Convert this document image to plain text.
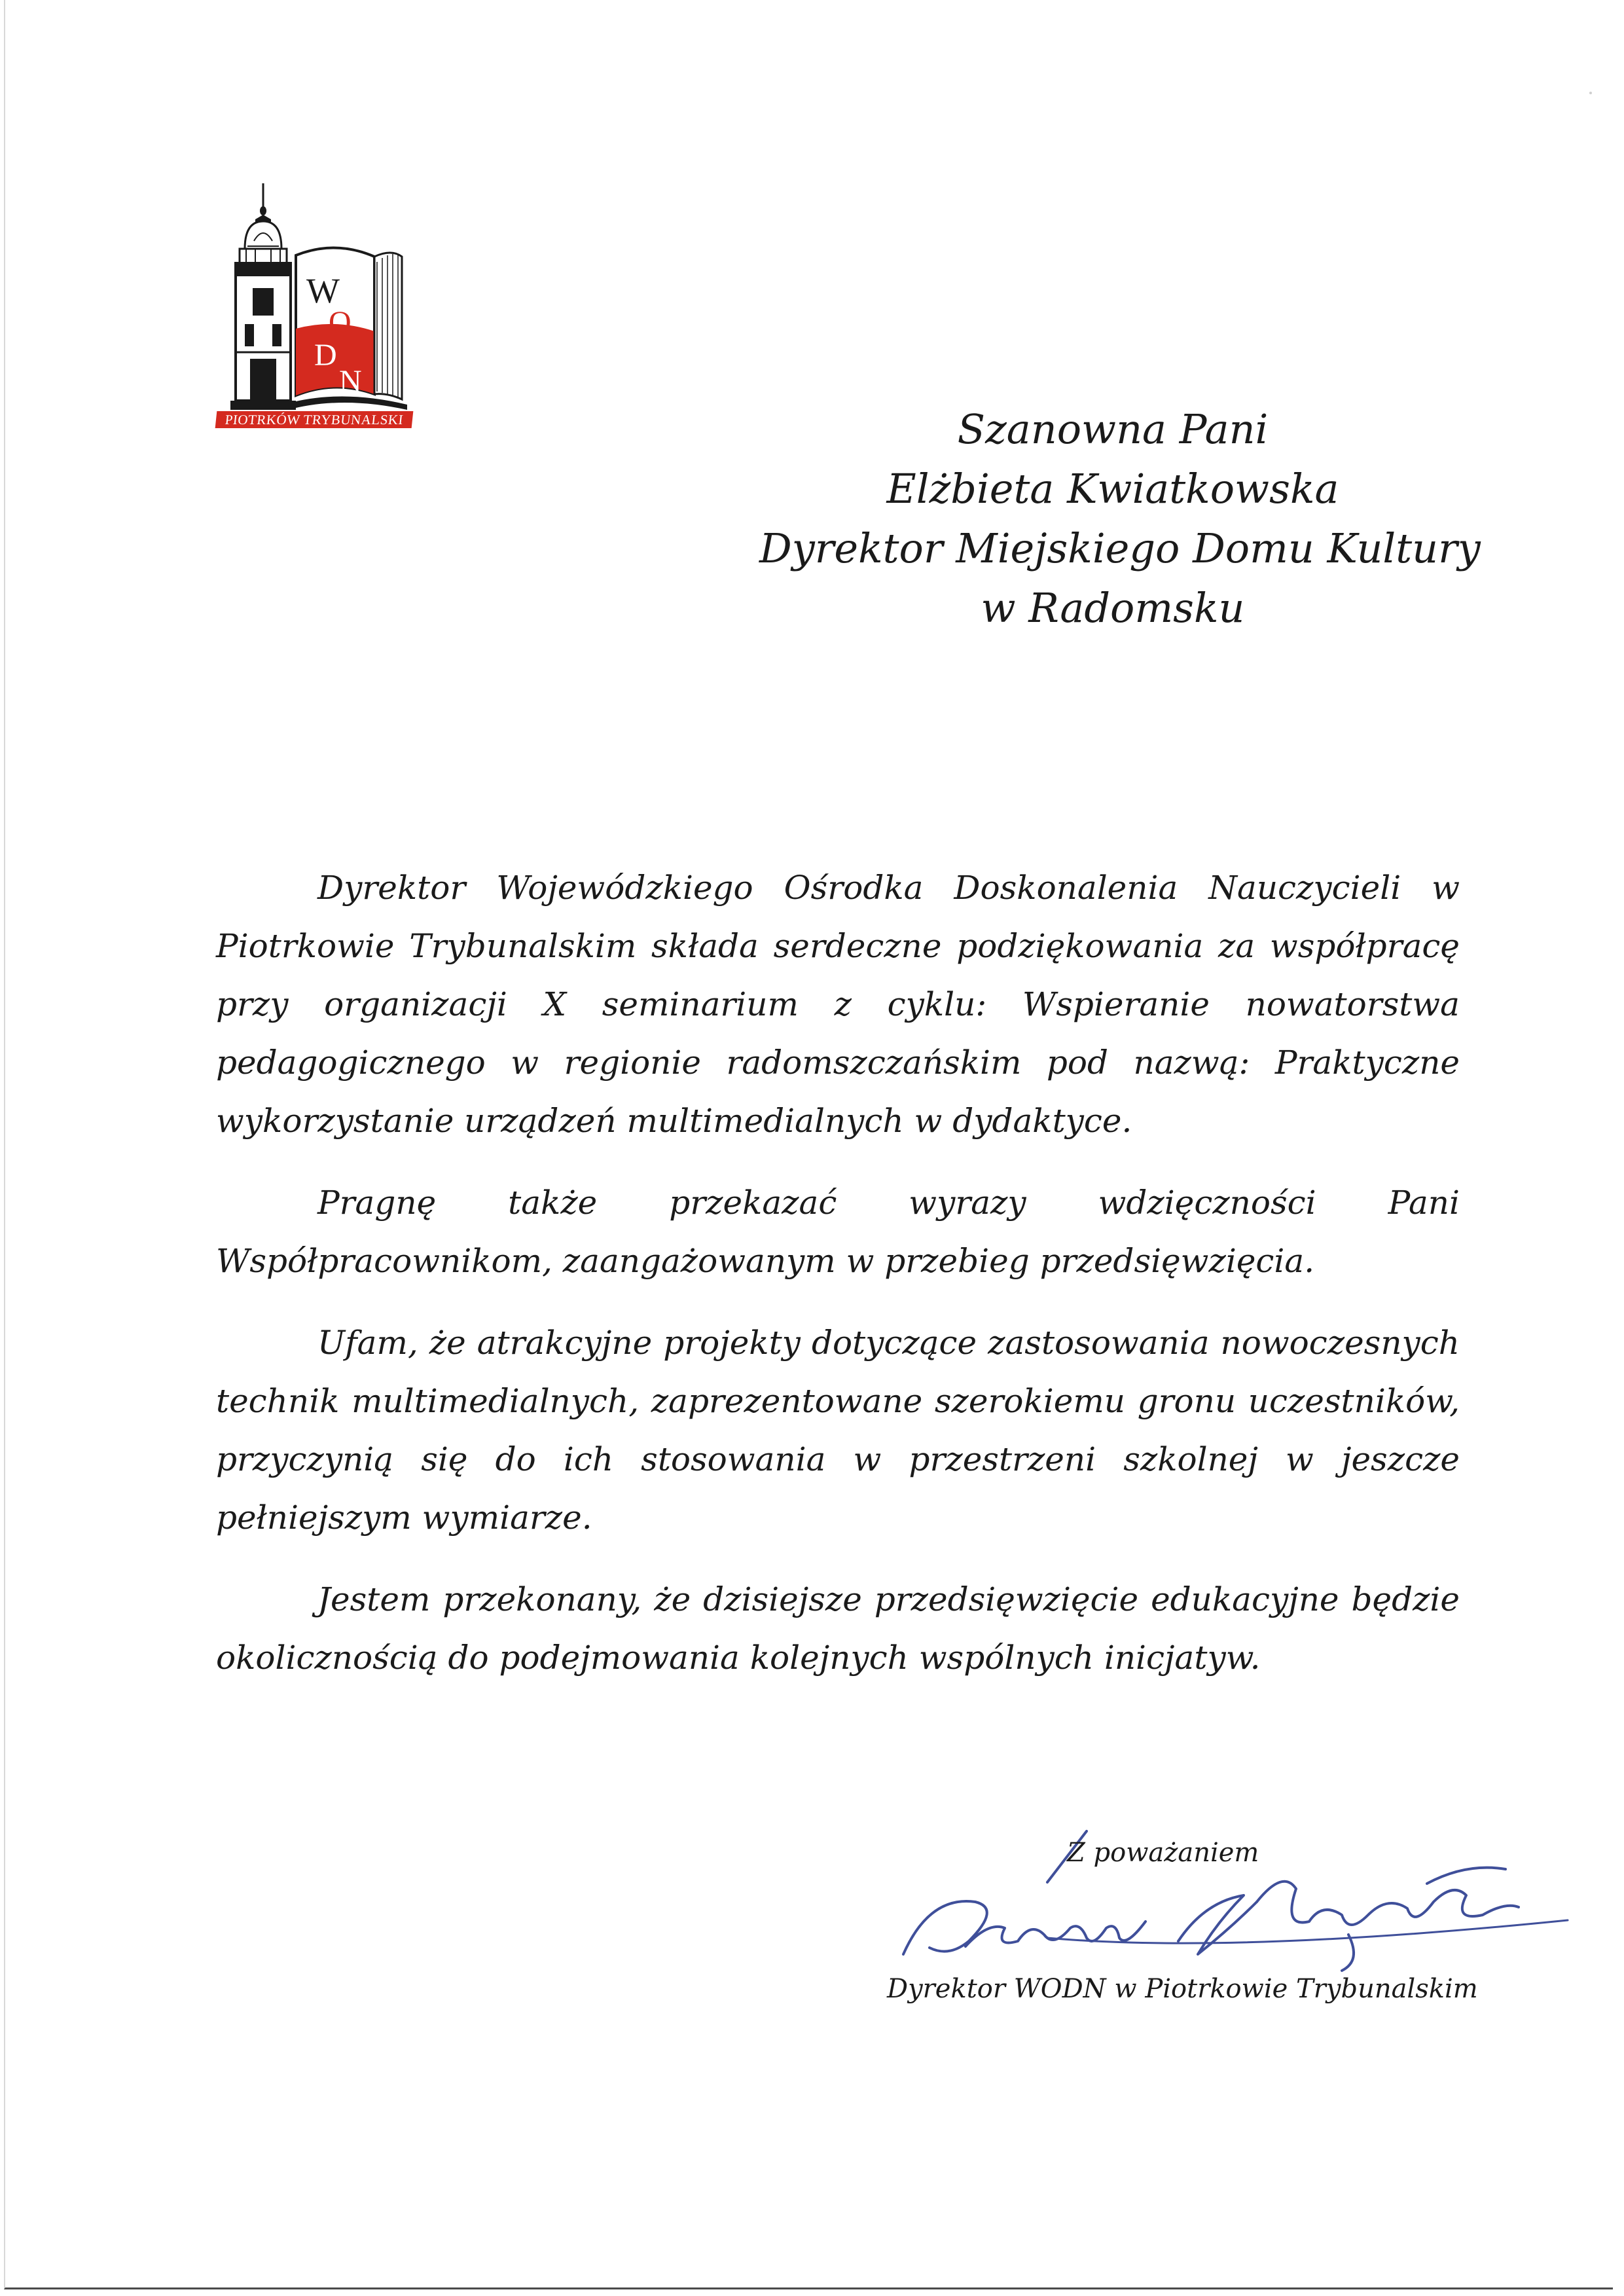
W
O
D
N
PIOTRKÓW TRYBUNALSKI	Szanowna Pani
Elżbieta Kwiatkowska
Dyrektor Miejskiego Domu Kultury
w Radomsku

Dyrektor Wojewódzkiego Ośrodka Doskonalenia Nauczycieli w Piotrkowie Trybunalskim składa serdeczne podziękowania za współpracę przy organizacji X seminarium z cyklu: Wspieranie nowatorstwa pedagogicznego w regionie radomszczańskim pod nazwą: Praktyczne wykorzystanie urządzeń multimedialnych w dydaktyce.

Pragnę także przekazać wyrazy wdzięczności Pani Współpracownikom, zaangażowanym w przebieg przedsięwzięcia.

Ufam, że atrakcyjne projekty dotyczące zastosowania nowoczesnych technik multimedialnych, zaprezentowane szerokiemu gronu uczestników, przyczynią się do ich stosowania w przestrzeni szkolnej w jeszcze pełniejszym wymiarze.

Jestem przekonany, że dzisiejsze przedsięwzięcie edukacyjne będzie okolicznością do podejmowania kolejnych wspólnych inicjatyw.

Z poważaniem
Dyrektor WODN w Piotrkowie Trybunalskim
